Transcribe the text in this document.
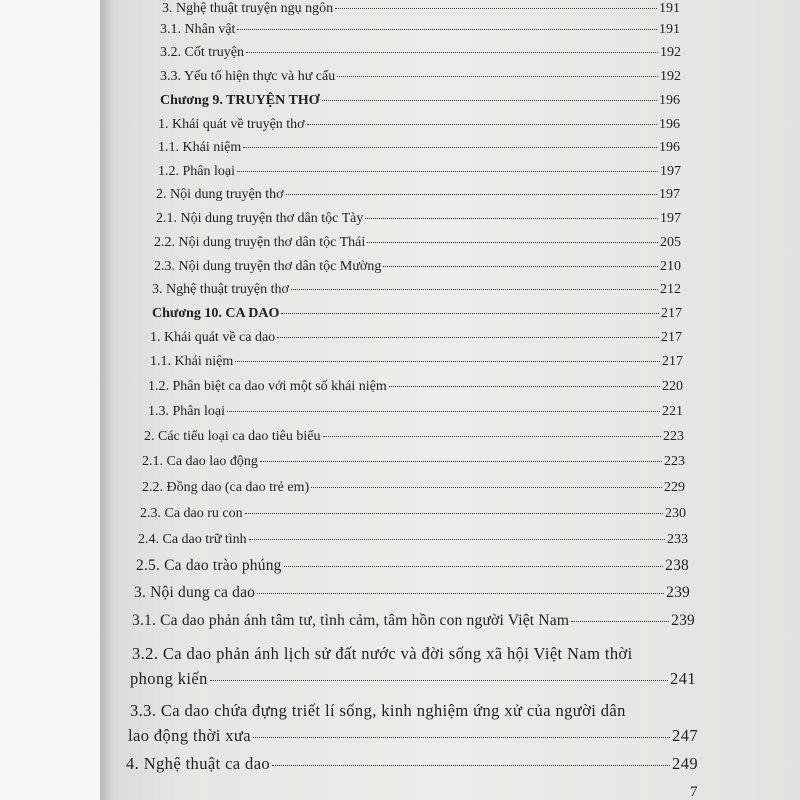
3. Nghệ thuật truyện ngụ ngôn	191
3.1. Nhân vật	191
3.2. Cốt truyện	192
3.3. Yếu tố hiện thực và hư cấu	192
Chương 9. TRUYỆN THƠ	196
1. Khái quát về truyện thơ	196
1.1. Khái niệm	196
1.2. Phân loại	197
2. Nội dung truyện thơ	197
2.1. Nội dung truyện thơ dân tộc Tày	197
2.2. Nội dung truyện thơ dân tộc Thái	205
2.3. Nội dung truyện thơ dân tộc Mường	210
3. Nghệ thuật truyện thơ	212
Chương 10. CA DAO	217
1. Khái quát về ca dao	217
1.1. Khái niệm	217
1.2. Phân biệt ca dao với một số khái niệm	220
1.3. Phân loại	221
2. Các tiểu loại ca dao tiêu biểu	223
2.1. Ca dao lao động	223
2.2. Đồng dao (ca dao trẻ em)	229
2.3. Ca dao ru con	230
2.4. Ca dao trữ tình	233
2.5. Ca dao trào phúng	238
3. Nội dung ca dao	239
3.1. Ca dao phản ánh tâm tư, tình cảm, tâm hồn con người Việt Nam	239
3.2. Ca dao phản ánh lịch sử đất nước và đời sống xã hội Việt Nam thời
phong kiến	241
3.3. Ca dao chứa đựng triết lí sống, kinh nghiệm ứng xử của người dân
lao động thời xưa	247
4. Nghệ thuật ca dao	249
7
